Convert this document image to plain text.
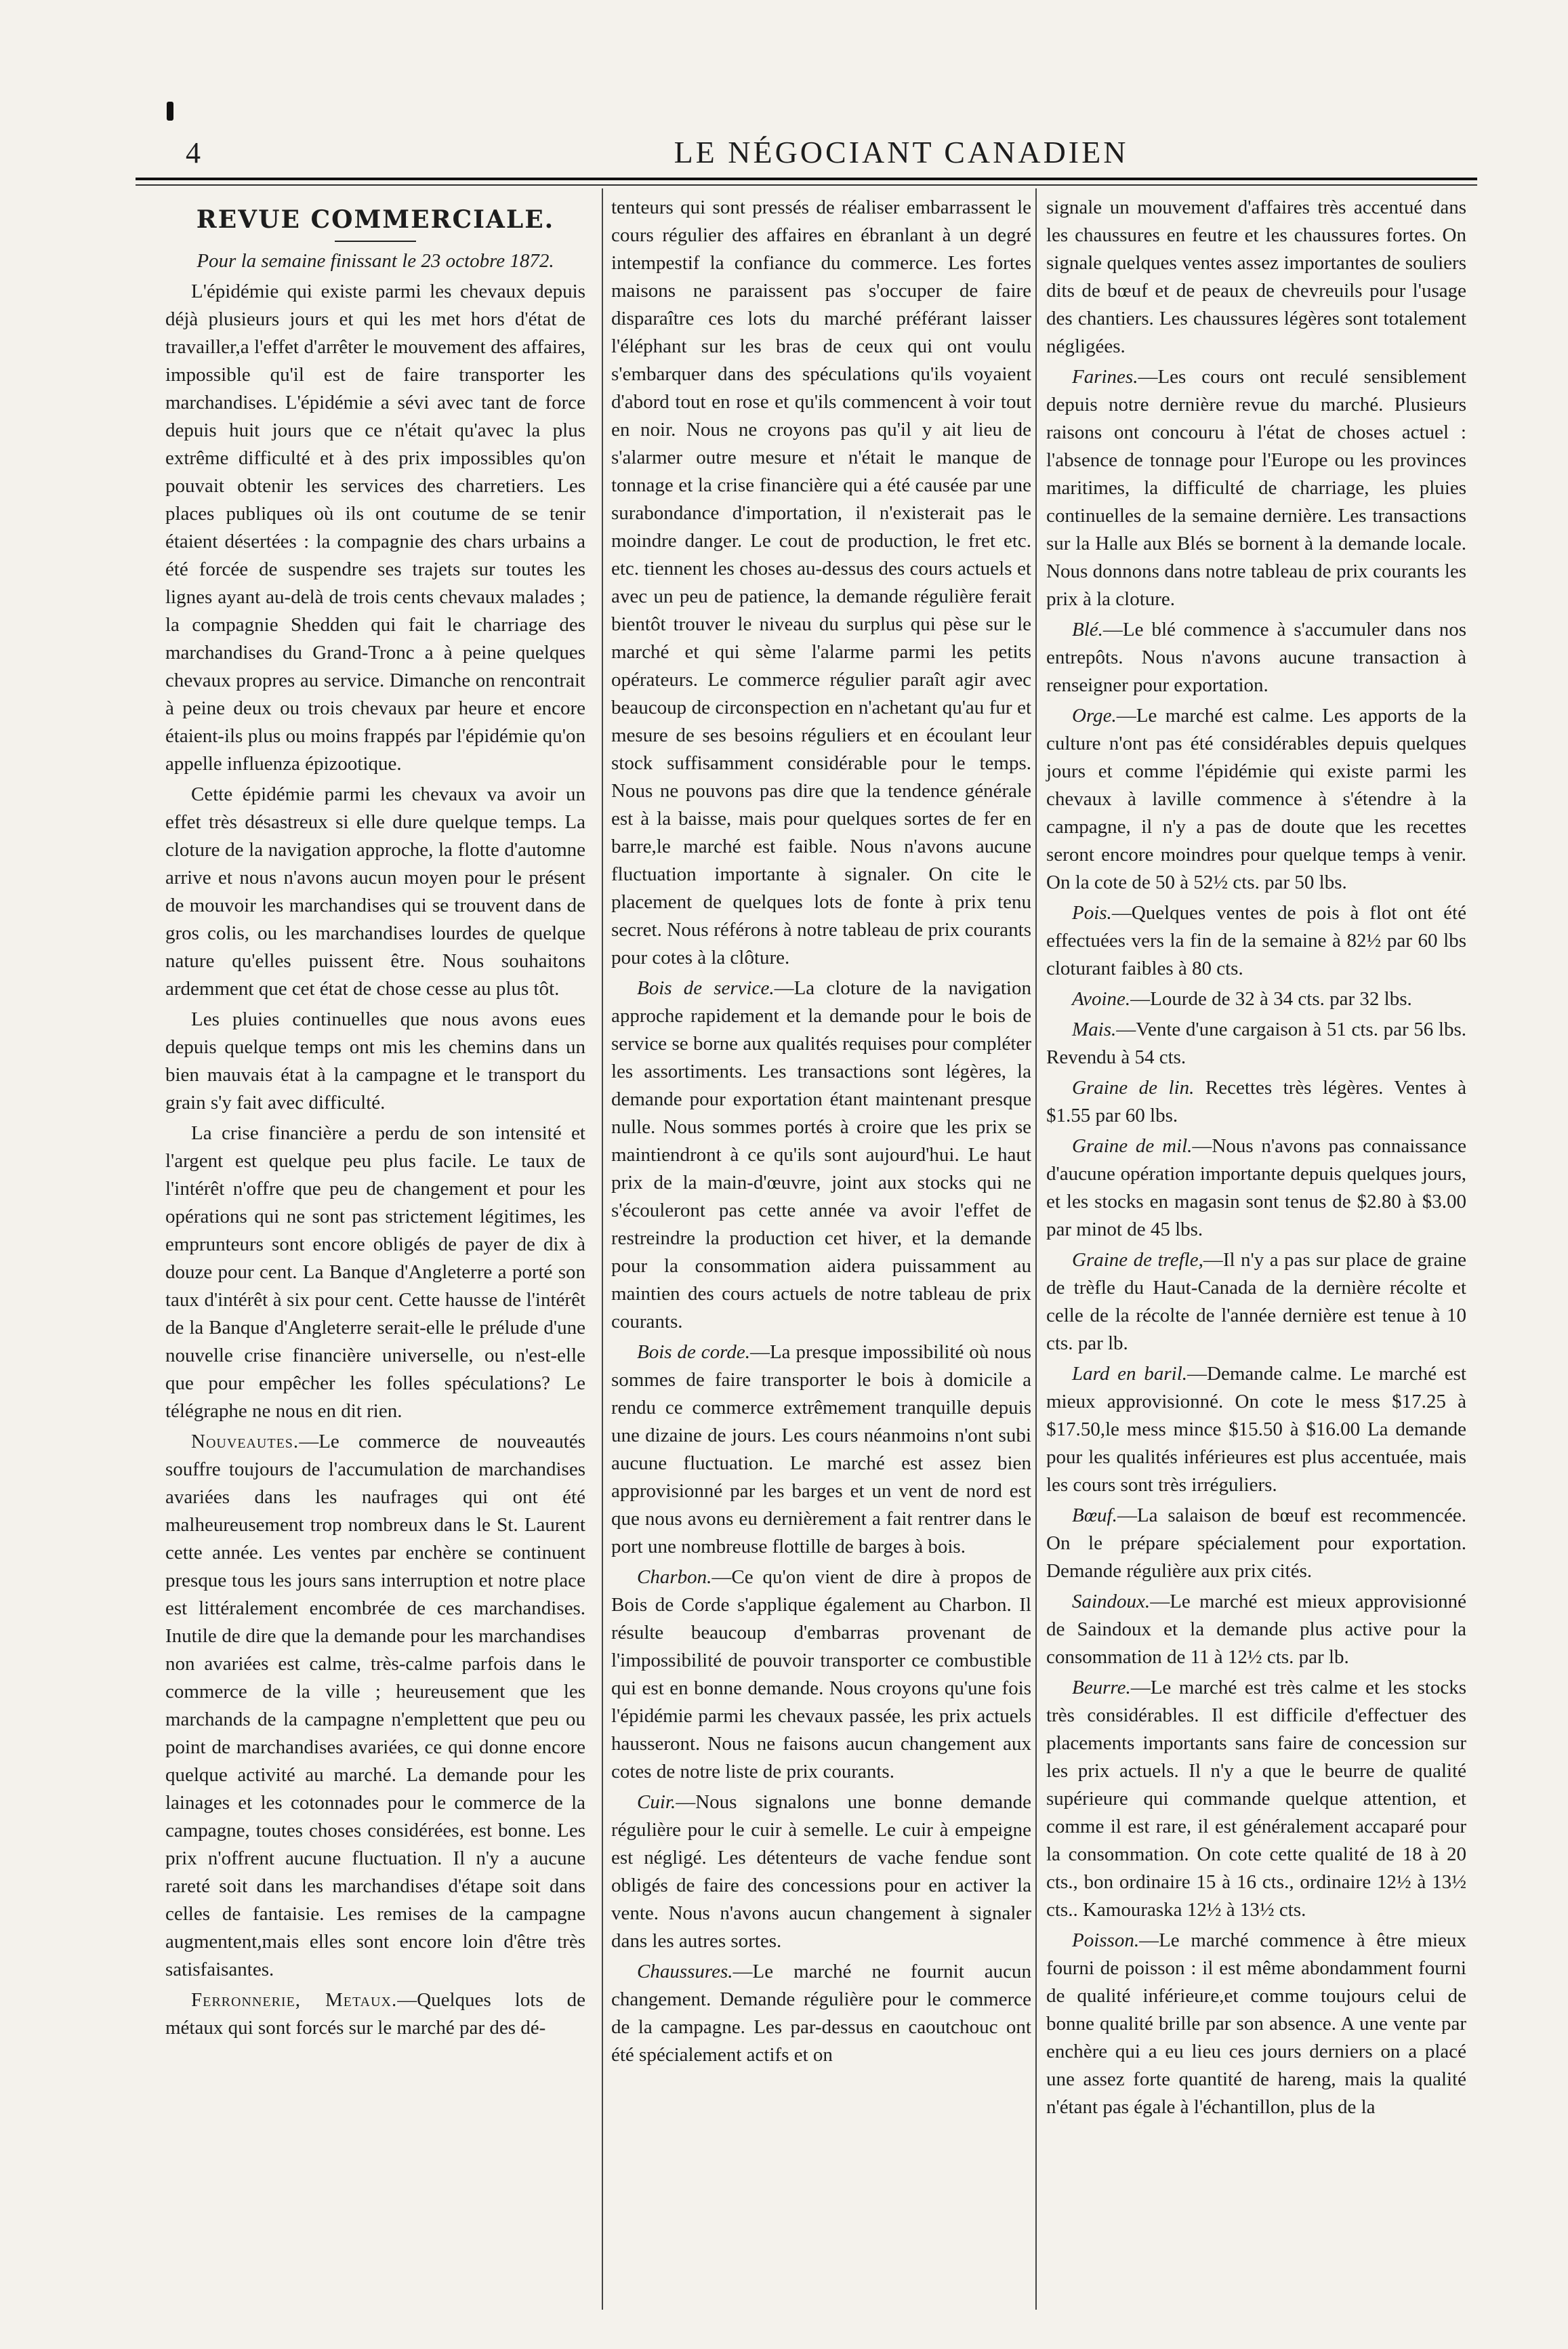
4	LE NÉGOCIANT CANADIEN
REVUE COMMERCIALE.

Pour la semaine finissant le 23 octobre 1872.

L'épidémie qui existe parmi les chevaux depuis déjà plusieurs jours et qui les met hors d'état de travailler,a l'effet d'arrêter le mouvement des affaires, impossible qu'il est de faire transporter les marchandises. L'épidémie a sévi avec tant de force depuis huit jours que ce n'était qu'avec la plus extrême difficulté et à des prix impossibles qu'on pouvait obtenir les services des charretiers. Les places publiques où ils ont coutume de se tenir étaient désertées : la compagnie des chars urbains a été forcée de suspendre ses trajets sur toutes les lignes ayant au-delà de trois cents chevaux malades ; la compagnie Shedden qui fait le charriage des marchandises du Grand-Tronc a à peine quelques chevaux propres au service. Dimanche on rencontrait à peine deux ou trois chevaux par heure et encore étaient-ils plus ou moins frappés par l'épidémie qu'on appelle influenza épizootique.

Cette épidémie parmi les chevaux va avoir un effet très désastreux si elle dure quelque temps. La cloture de la navigation approche, la flotte d'automne arrive et nous n'avons aucun moyen pour le présent de mouvoir les marchandises qui se trouvent dans de gros colis, ou les marchandises lourdes de quelque nature qu'elles puissent être. Nous souhaitons ardemment que cet état de chose cesse au plus tôt.

Les pluies continuelles que nous avons eues depuis quelque temps ont mis les chemins dans un bien mauvais état à la campagne et le transport du grain s'y fait avec difficulté.

La crise financière a perdu de son intensité et l'argent est quelque peu plus facile. Le taux de l'intérêt n'offre que peu de changement et pour les opérations qui ne sont pas strictement légitimes, les emprunteurs sont encore obligés de payer de dix à douze pour cent. La Banque d'Angleterre a porté son taux d'intérêt à six pour cent. Cette hausse de l'intérêt de la Banque d'Angleterre serait-elle le prélude d'une nouvelle crise financière universelle, ou n'est-elle que pour empêcher les folles spéculations? Le télégraphe ne nous en dit rien.

Nouveautes.—Le commerce de nouveautés souffre toujours de l'accumulation de marchandises avariées dans les naufrages qui ont été malheureusement trop nombreux dans le St. Laurent cette année. Les ventes par enchère se continuent presque tous les jours sans interruption et notre place est littéralement encombrée de ces marchandises. Inutile de dire que la demande pour les marchandises non avariées est calme, très-calme parfois dans le commerce de la ville ; heureusement que les marchands de la campagne n'emplettent que peu ou point de marchandises avariées, ce qui donne encore quelque activité au marché. La demande pour les lainages et les cotonnades pour le commerce de la campagne, toutes choses considérées, est bonne. Les prix n'offrent aucune fluctuation. Il n'y a aucune rareté soit dans les marchandises d'étape soit dans celles de fantaisie. Les remises de la campagne augmentent,mais elles sont encore loin d'être très satisfaisantes.

Ferronnerie, Metaux.—Quelques lots de métaux qui sont forcés sur le marché par des dé-

tenteurs qui sont pressés de réaliser embarrassent le cours régulier des affaires en ébranlant à un degré intempestif la confiance du commerce. Les fortes maisons ne paraissent pas s'occuper de faire disparaître ces lots du marché préférant laisser l'éléphant sur les bras de ceux qui ont voulu s'embarquer dans des spéculations qu'ils voyaient d'abord tout en rose et qu'ils commencent à voir tout en noir. Nous ne croyons pas qu'il y ait lieu de s'alarmer outre mesure et n'était le manque de tonnage et la crise financière qui a été causée par une surabondance d'importation, il n'existerait pas le moindre danger. Le cout de production, le fret etc. etc. tiennent les choses au-dessus des cours actuels et avec un peu de patience, la demande régulière ferait bientôt trouver le niveau du surplus qui pèse sur le marché et qui sème l'alarme parmi les petits opérateurs. Le commerce régulier paraît agir avec beaucoup de circonspection en n'achetant qu'au fur et mesure de ses besoins réguliers et en écoulant leur stock suffisamment considérable pour le temps. Nous ne pouvons pas dire que la tendence générale est à la baisse, mais pour quelques sortes de fer en barre,le marché est faible. Nous n'avons aucune fluctuation importante à signaler. On cite le placement de quelques lots de fonte à prix tenu secret. Nous référons à notre tableau de prix courants pour cotes à la clôture.

Bois de service.—La cloture de la navigation approche rapidement et la demande pour le bois de service se borne aux qualités requises pour compléter les assortiments. Les transactions sont légères, la demande pour exportation étant maintenant presque nulle. Nous sommes portés à croire que les prix se maintiendront à ce qu'ils sont aujourd'hui. Le haut prix de la main-d'œuvre, joint aux stocks qui ne s'écouleront pas cette année va avoir l'effet de restreindre la production cet hiver, et la demande pour la consommation aidera puissamment au maintien des cours actuels de notre tableau de prix courants.

Bois de corde.—La presque impossibilité où nous sommes de faire transporter le bois à domicile a rendu ce commerce extrêmement tranquille depuis une dizaine de jours. Les cours néanmoins n'ont subi aucune fluctuation. Le marché est assez bien approvisionné par les barges et un vent de nord est que nous avons eu dernièrement a fait rentrer dans le port une nombreuse flottille de barges à bois.

Charbon.—Ce qu'on vient de dire à propos de Bois de Corde s'applique également au Charbon. Il résulte beaucoup d'embarras provenant de l'impossibilité de pouvoir transporter ce combustible qui est en bonne demande. Nous croyons qu'une fois l'épidémie parmi les chevaux passée, les prix actuels hausseront. Nous ne faisons aucun changement aux cotes de notre liste de prix courants.

Cuir.—Nous signalons une bonne demande régulière pour le cuir à semelle. Le cuir à empeigne est négligé. Les détenteurs de vache fendue sont obligés de faire des concessions pour en activer la vente. Nous n'avons aucun changement à signaler dans les autres sortes.

Chaussures.—Le marché ne fournit aucun changement. Demande régulière pour le commerce de la campagne. Les par-dessus en caoutchouc ont été spécialement actifs et on

signale un mouvement d'affaires très accentué dans les chaussures en feutre et les chaussures fortes. On signale quelques ventes assez importantes de souliers dits de bœuf et de peaux de chevreuils pour l'usage des chantiers. Les chaussures légères sont totalement négligées.

Farines.—Les cours ont reculé sensiblement depuis notre dernière revue du marché. Plusieurs raisons ont concouru à l'état de choses actuel : l'absence de tonnage pour l'Europe ou les provinces maritimes, la difficulté de charriage, les pluies continuelles de la semaine dernière. Les transactions sur la Halle aux Blés se bornent à la demande locale. Nous donnons dans notre tableau de prix courants les prix à la cloture.

Blé.—Le blé commence à s'accumuler dans nos entrepôts. Nous n'avons aucune transaction à renseigner pour exportation.

Orge.—Le marché est calme. Les apports de la culture n'ont pas été considérables depuis quelques jours et comme l'épidémie qui existe parmi les chevaux à laville commence à s'étendre à la campagne, il n'y a pas de doute que les recettes seront encore moindres pour quelque temps à venir. On la cote de 50 à 52½ cts. par 50 lbs.

Pois.—Quelques ventes de pois à flot ont été effectuées vers la fin de la semaine à 82½ par 60 lbs cloturant faibles à 80 cts.

Avoine.—Lourde de 32 à 34 cts. par 32 lbs.

Mais.—Vente d'une cargaison à 51 cts. par 56 lbs. Revendu à 54 cts.

Graine de lin. Recettes très légères. Ventes à $1.55 par 60 lbs.

Graine de mil.—Nous n'avons pas connaissance d'aucune opération importante depuis quelques jours, et les stocks en magasin sont tenus de $2.80 à $3.00 par minot de 45 lbs.

Graine de trefle,—Il n'y a pas sur place de graine de trèfle du Haut-Canada de la dernière récolte et celle de la récolte de l'année dernière est tenue à 10 cts. par lb.

Lard en baril.—Demande calme. Le marché est mieux approvisionné. On cote le mess $17.25 à $17.50,le mess mince $15.50 à $16.00 La demande pour les qualités inférieures est plus accentuée, mais les cours sont très irréguliers.

Bœuf.—La salaison de bœuf est recommencée. On le prépare spécialement pour exportation. Demande régulière aux prix cités.

Saindoux.—Le marché est mieux approvisionné de Saindoux et la demande plus active pour la consommation de 11 à 12½ cts. par lb.

Beurre.—Le marché est très calme et les stocks très considérables. Il est difficile d'effectuer des placements importants sans faire de concession sur les prix actuels. Il n'y a que le beurre de qualité supérieure qui commande quelque attention, et comme il est rare, il est généralement accaparé pour la consommation. On cote cette qualité de 18 à 20 cts., bon ordinaire 15 à 16 cts., ordinaire 12½ à 13½ cts.. Kamouraska 12½ à 13½ cts.

Poisson.—Le marché commence à être mieux fourni de poisson : il est même abondamment fourni de qualité inférieure,et comme toujours celui de bonne qualité brille par son absence. A une vente par enchère qui a eu lieu ces jours derniers on a placé une assez forte quantité de hareng, mais la qualité n'étant pas égale à l'échantillon, plus de la
